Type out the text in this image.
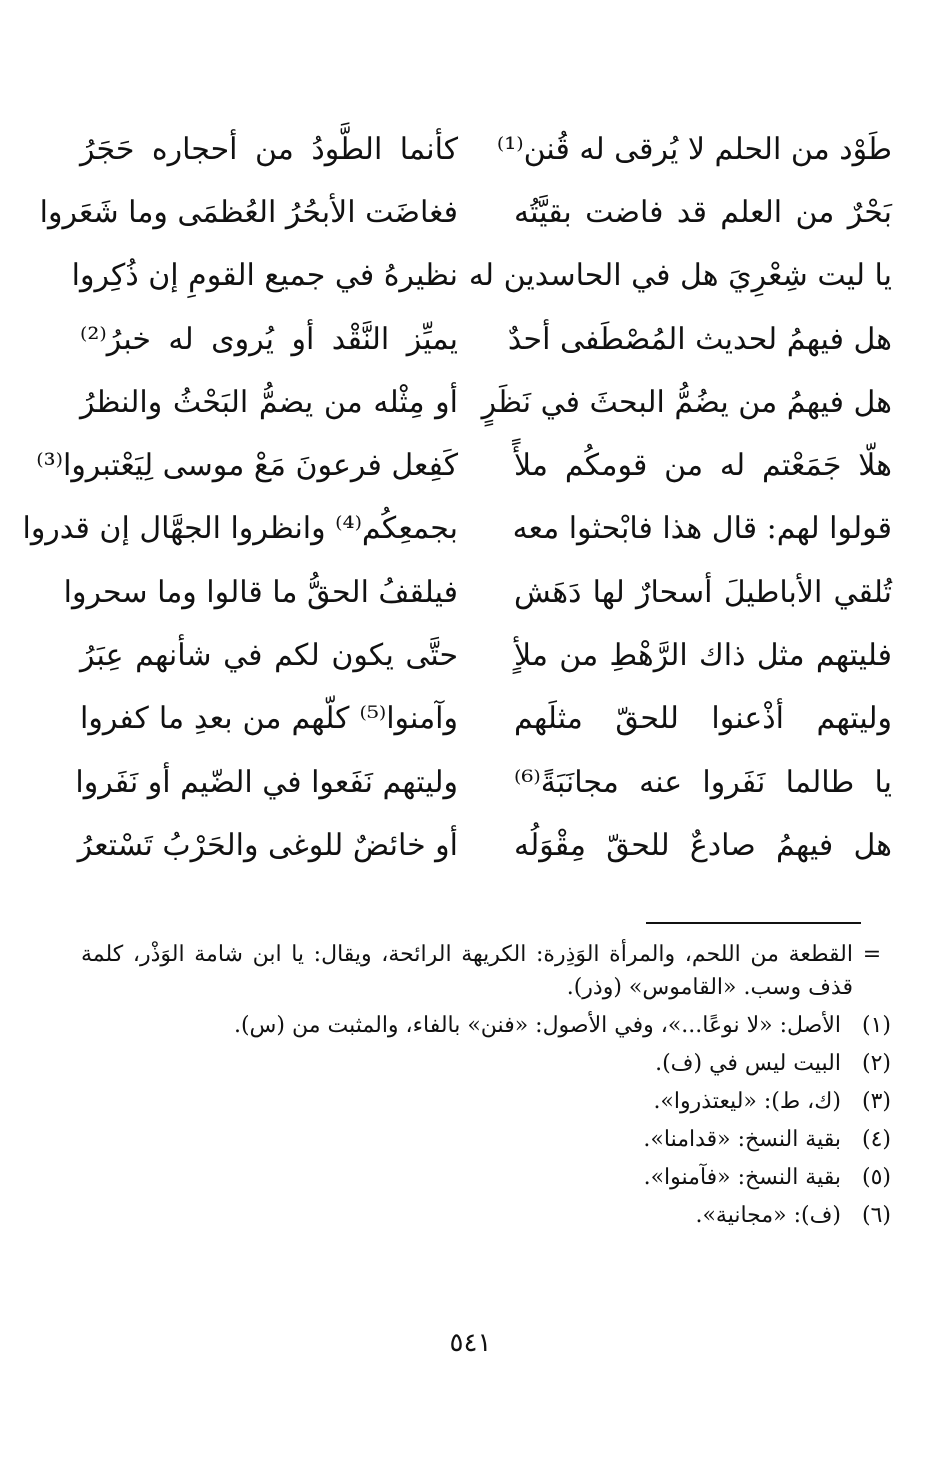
طَوْد من الحلم لا يُرقى له قُنن⁽¹⁾
كأنما الطَّودُ من أحجاره حَجَرُ
بَحْرٌ من العلم قد فاضت بقيَّتُه
فغاضَت الأبحُرُ العُظمَى وما شَعَروا
يا ليت شِعْرِيَ هل في الحاسدين له
نظيرهُ في جميع القومِ إن ذُكِروا
هل فيهمُ لحديث المُصْطَفى أحدٌ
يميِّز النَّقْد أو يُروى له خبرُ⁽²⁾
هل فيهمُ من يضُمُّ البحثَ في نَظَرٍ
أو مِثْله من يضمُّ البَحْثُ والنظرُ
هلّا جَمَعْتم له من قومكُم ملأً
كَفِعل فرعونَ مَعْ موسى لِيَعْتبروا⁽³⁾
قولوا لهم: قال هذا فابْحثوا معه
بجمعِكُم⁽⁴⁾ وانظروا الجهَّال إن قدروا
تُلقي الأباطيلَ أسحارٌ لها دَهَش
فيلقفُ الحقُّ ما قالوا وما سحروا
فليتهم مثل ذاك الرَّهْطِ من ملأٍ
حتَّى يكون لكم في شأنهم عِبَرُ
وليتهم أذْعنوا للحقّ مثلَهم
وآمنوا⁽⁵⁾ كلّهم من بعدِ ما كفروا
يا طالما نَفَروا عنه مجانَبَةً⁽⁶⁾
وليتهم نَفَعوا في الضّيم أو نَفَروا
هل فيهمُ صادعٌ للحقّ مِقْوَلُه
أو خائضٌ للوغى والحَرْبُ تَسْتعرُ
=
القطعة من اللحم، والمرأة الوَذِرة: الكريهة الرائحة، ويقال: يا ابن شامة الوَذْر، كلمة قذف وسب. «القاموس» (وذر).
(١)
الأصل: «لا نوعًا...»، وفي الأصول: «فنن» بالفاء، والمثبت من (س).
(٢)
البيت ليس في (ف).
(٣)
(ك، ط): «ليعتذروا».
(٤)
بقية النسخ: «قدامنا».
(٥)
بقية النسخ: «فآمنوا».
(٦)
(ف): «مجانية».
٥٤١
